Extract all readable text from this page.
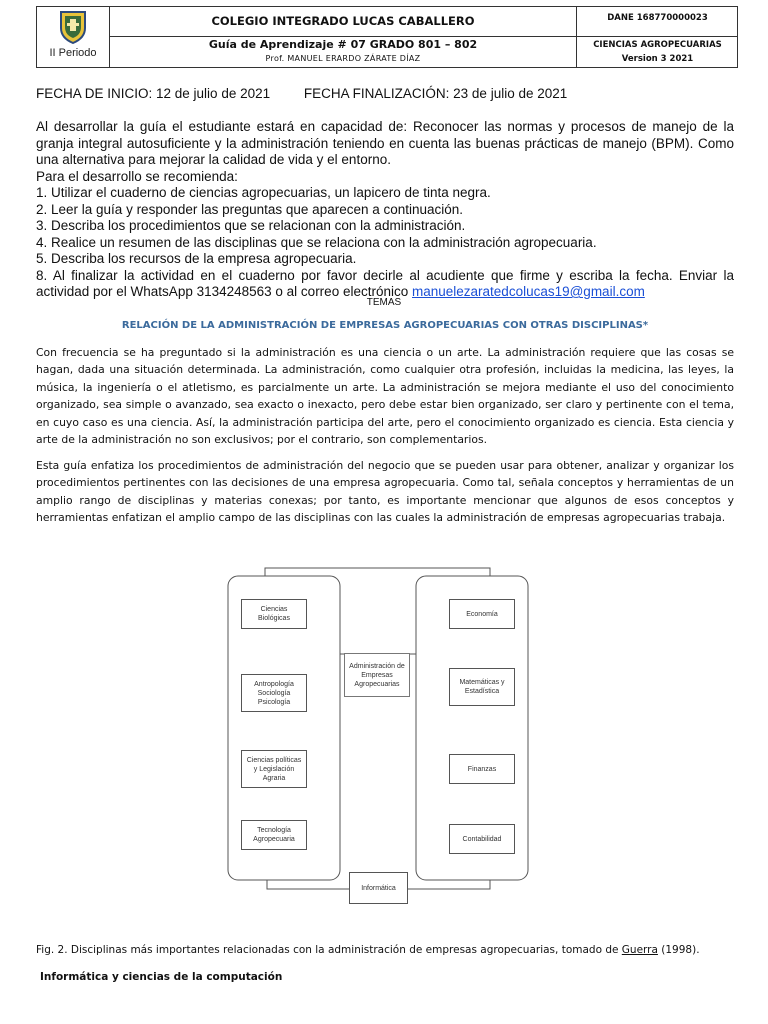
II Periodo
COLEGIO INTEGRADO LUCAS CABALLERO
Guía de Aprendizaje # 07 GRADO 801 – 802
Prof. MANUEL ERARDO ZÁRATE DÍAZ
DANE 168770000023
CIENCIAS AGROPECUARIAS
Version 3 2021
FECHA DE INICIO: 12 de julio de 2021	FECHA FINALIZACIÓN: 23 de julio de 2021

Al desarrollar la guía el estudiante estará en capacidad de: Reconocer las normas y procesos de manejo de la granja integral autosuficiente y la administración teniendo en cuenta las buenas prácticas de manejo (BPM). Como una alternativa para mejorar la calidad de vida y el entorno.

Para el desarrollo se recomienda:

1. Utilizar el cuaderno de ciencias agropecuarias, un lapicero de tinta negra.

2. Leer la guía y responder las preguntas que aparecen a continuación.

3. Describa los procedimientos que se relacionan con la administración.

4. Realice un resumen de las disciplinas que se relaciona con la administración agropecuaria.

5. Describa los recursos de la empresa agropecuaria.

8. Al finalizar la actividad en el cuaderno por favor decirle al acudiente que firme y escriba la fecha. Enviar la actividad por el WhatsApp 3134248563 o al correo electrónico manuelezaratedcolucas19@gmail.com

TEMAS
RELACIÓN DE LA ADMINISTRACIÓN DE EMPRESAS AGROPECUARIAS CON OTRAS DISCIPLINAS*

Con frecuencia se ha preguntado si la administración es una ciencia o un arte. La administración requiere que las cosas se hagan, dada una situación determinada. La administración, como cualquier otra profesión, incluidas la medicina, las leyes, la música, la ingeniería o el atletismo, es parcialmente un arte. La administración se mejora mediante el uso del conocimiento organizado, sea simple o avanzado, sea exacto o inexacto, pero debe estar bien organizado, ser claro y pertinente con el tema, en cuyo caso es una ciencia. Así, la administración participa del arte, pero el conocimiento organizado es ciencia. Esta ciencia y arte de la administración no son exclusivos; por el contrario, son complementarios.

Esta guía enfatiza los procedimientos de administración del negocio que se pueden usar para obtener, analizar y organizar los procedimientos pertinentes con las decisiones de una empresa agropecuaria. Como tal, señala conceptos y herramientas de un amplio rango de disciplinas y materias conexas; por tanto, es importante mencionar que algunos de esos conceptos y herramientas enfatizan el amplio campo de las disciplinas con las cuales la administración de empresas agropecuarias trabaja.

Ciencias
Biológicas
Antropología
Sociología
Psicología
Ciencias políticas
y Legislación
Agraria
Tecnología
Agropecuaria
Administración de
Empresas
Agropecuarias
Economía
Matemáticas y
Estadística
Finanzas
Contabilidad
Informática
Fig. 2. Disciplinas más importantes relacionadas con la administración de empresas agropecuarias, tomado de Guerra (1998).
Informática y ciencias de la computación
